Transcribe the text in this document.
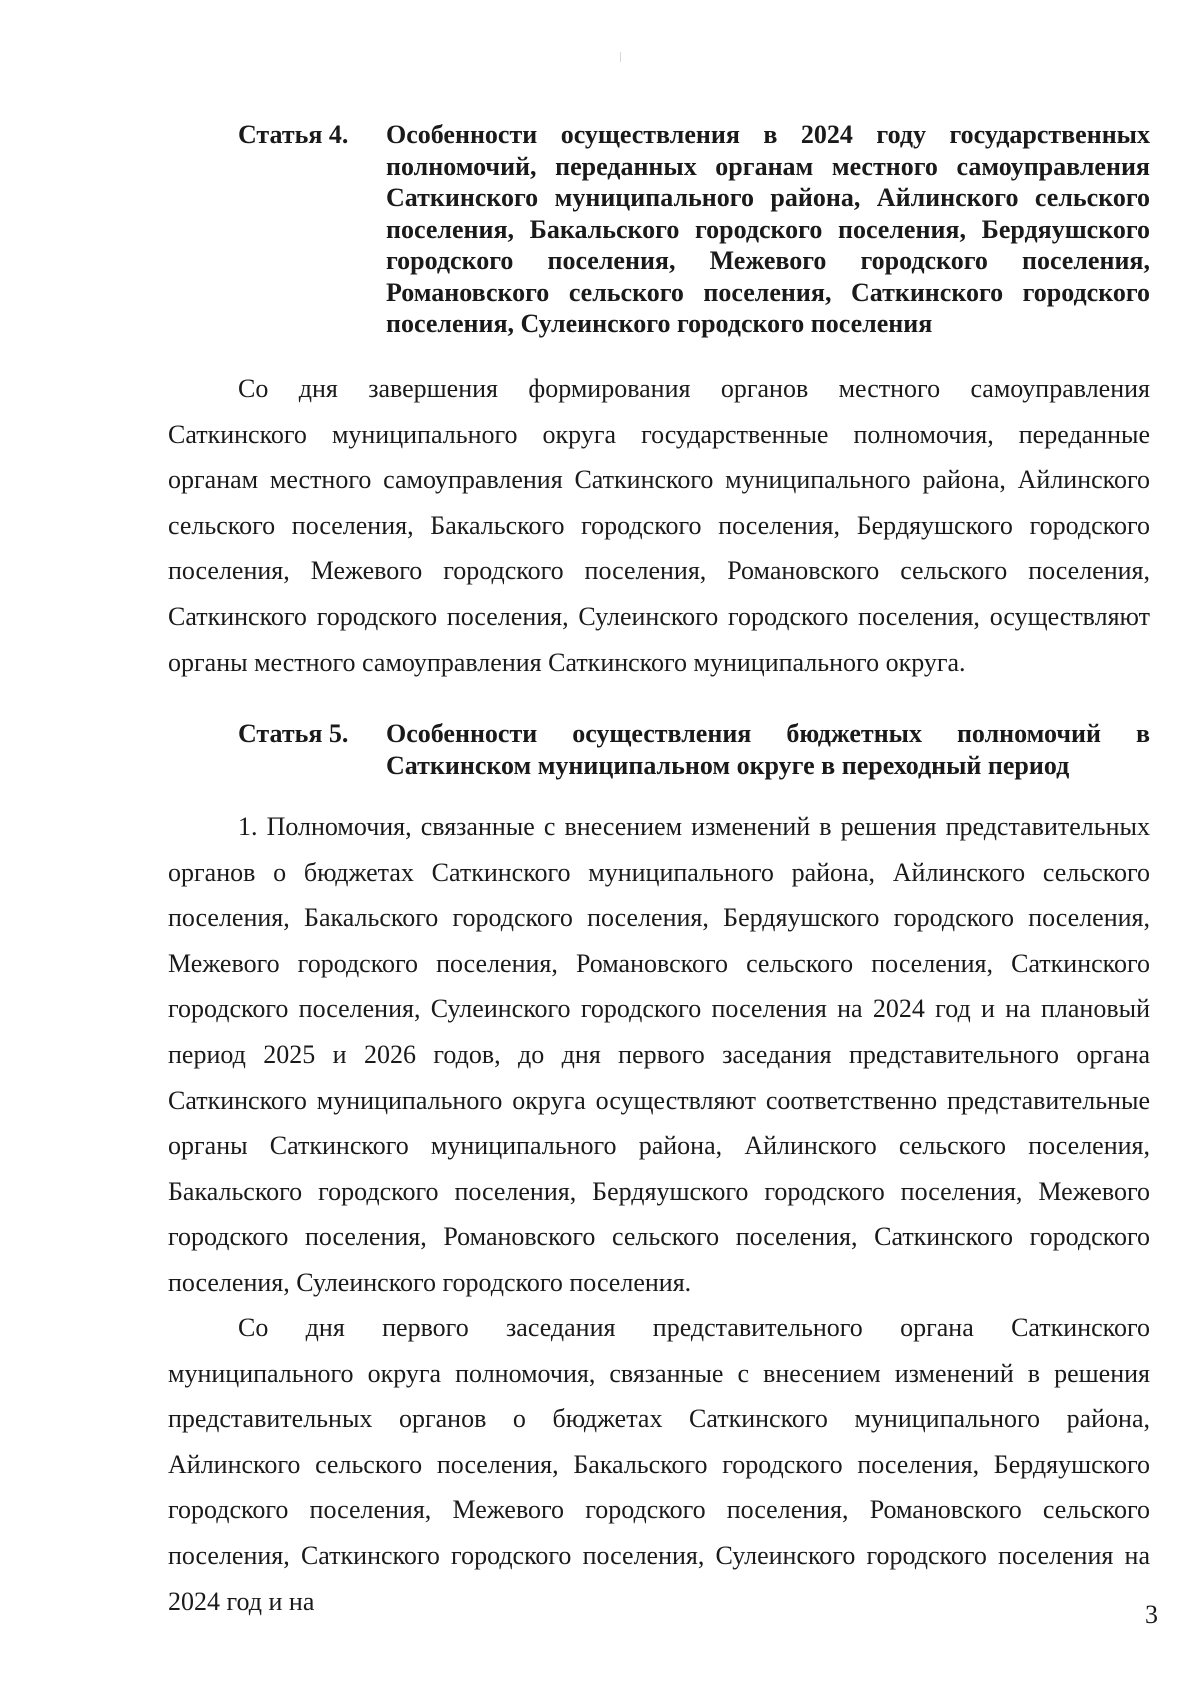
Статья 4.	Особенности осуществления в 2024 году государственных полномочий, переданных органам местного самоуправления Саткинского муниципального района, Айлинского сельского поселения, Бакальского городского поселения, Бердяушского городского поселения, Межевого городского поселения, Романовского сельского поселения, Саткинского городского поселения, Сулеинского городского поселения

Со дня завершения формирования органов местного самоуправления Саткинского муниципального округа государственные полномочия, переданные органам местного самоуправления Саткинского муниципального района, Айлинского сельского поселения, Бакальского городского поселения, Бердяушского городского поселения, Межевого городского поселения, Романовского сельского поселения, Саткинского городского поселения, Сулеинского городского поселения, осуществляют органы местного самоуправления Саткинского муниципального округа.

Статья 5.	Особенности осуществления бюджетных полномочий в Саткинском муниципальном округе в переходный период

1. Полномочия, связанные с внесением изменений в решения представительных органов о бюджетах Саткинского муниципального района, Айлинского сельского поселения, Бакальского городского поселения, Бердяушского городского поселения, Межевого городского поселения, Романовского сельского поселения, Саткинского городского поселения, Сулеинского городского поселения на 2024 год и на плановый период 2025 и 2026 годов, до дня первого заседания представительного органа Саткинского муниципального округа осуществляют соответственно представительные органы Саткинского муниципального района, Айлинского сельского поселения, Бакальского городского поселения, Бердяушского городского поселения, Межевого городского поселения, Романовского сельского поселения, Саткинского городского поселения, Сулеинского городского поселения.

Со дня первого заседания представительного органа Саткинского муниципального округа полномочия, связанные с внесением изменений в решения представительных органов о бюджетах Саткинского муниципального района, Айлинского сельского поселения, Бакальского городского поселения, Бердяушского городского поселения, Межевого городского поселения, Романовского сельского поселения, Саткинского городского поселения, Сулеинского городского поселения на 2024 год и на	3
